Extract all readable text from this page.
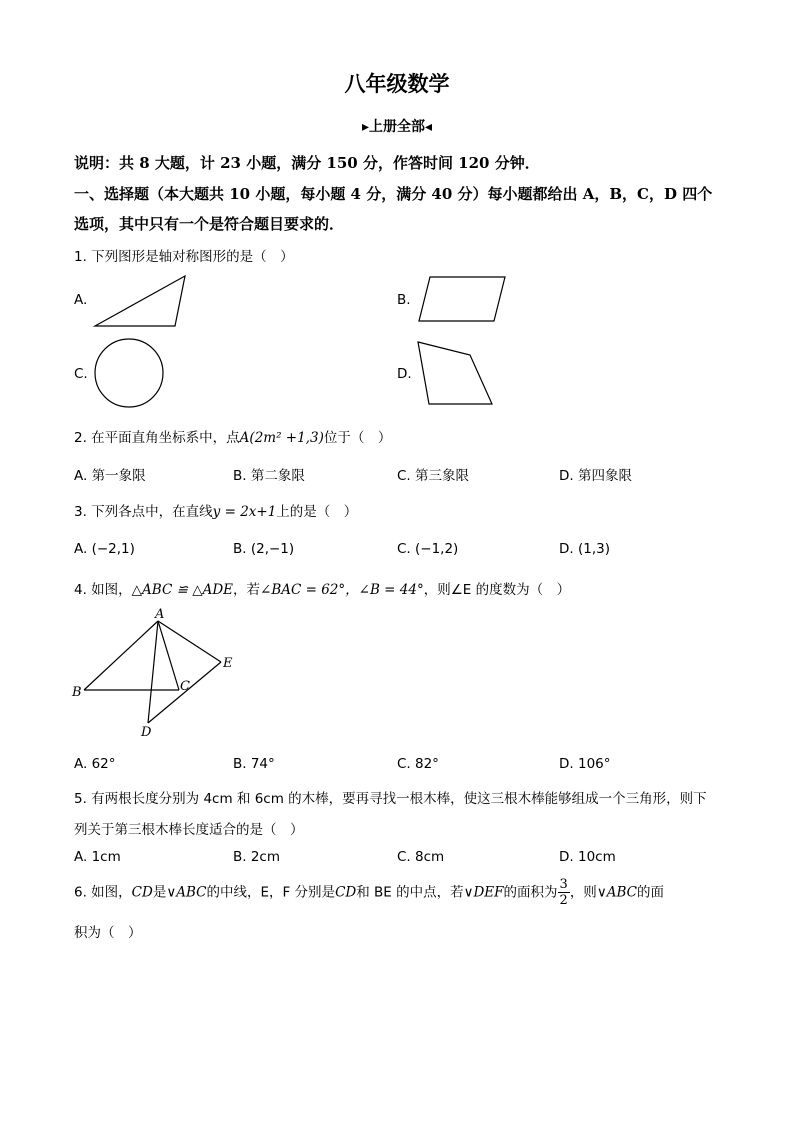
八年级数学
▸上册全部◂
说明：共 8 大题，计 23 小题，满分 150 分，作答时间 120 分钟．
一、选择题（本大题共 10 小题，每小题 4 分，满分 40 分）每小题都给出 A，B，C，D 四个
选项，其中只有一个是符合题目要求的．
1. 下列图形是轴对称图形的是（　）
A.	B.
C.	D.
2. 在平面直角坐标系中，点A(2m² +1,3)位于（　）
A. 第一象限	B. 第二象限	C. 第三象限	D. 第四象限
3. 下列各点中，在直线y = 2x+1上的是（　）
A. (−2,1)	B. (2,−1)	C. (−1,2)	D. (1,3)
4. 如图，△ABC ≌ △ADE，若∠BAC = 62°，∠B = 44°，则∠E 的度数为（　）
A
B	C
D
E
A. 62°	B. 74°	C. 82°	D. 106°
5. 有两根长度分别为 4cm 和 6cm 的木棒，要再寻找一根木棒，使这三根木棒能够组成一个三角形，则下
列关于第三根木棒长度适合的是（　）
A. 1cm	B. 2cm	C. 8cm	D. 10cm
6. 如图，CD是∨ABC的中线，E，F 分别是CD和 BE 的中点，若∨DEF的面积为 $\frac{3}{2}$ ，则∨ABC的面
积为（　）
